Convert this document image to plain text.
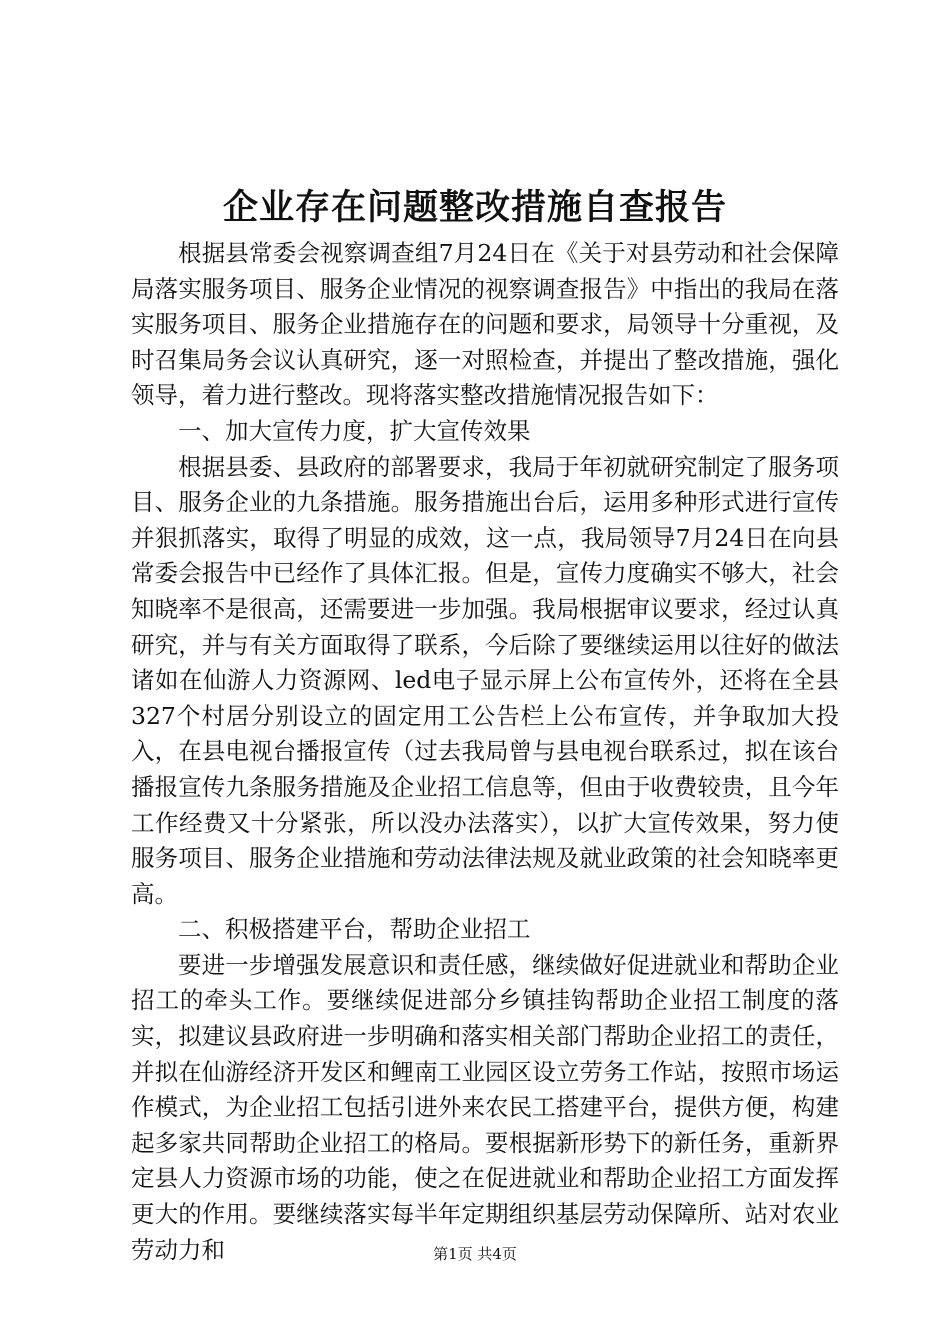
企业存在问题整改措施自查报告

根据县常委会视察调查组7月24日在《关于对县劳动和社会保障局落实服务项目、服务企业情况的视察调查报告》中指出的我局在落实服务项目、服务企业措施存在的问题和要求，局领导十分重视，及时召集局务会议认真研究，逐一对照检查，并提出了整改措施，强化领导，着力进行整改。现将落实整改措施情况报告如下：

一、加大宣传力度，扩大宣传效果

根据县委、县政府的部署要求，我局于年初就研究制定了服务项目、服务企业的九条措施。服务措施出台后，运用多种形式进行宣传并狠抓落实，取得了明显的成效，这一点，我局领导7月24日在向县常委会报告中已经作了具体汇报。但是，宣传力度确实不够大，社会知晓率不是很高，还需要进一步加强。我局根据审议要求，经过认真研究，并与有关方面取得了联系，今后除了要继续运用以往好的做法诸如在仙游人力资源网、led电子显示屏上公布宣传外，还将在全县327个村居分别设立的固定用工公告栏上公布宣传，并争取加大投入，在县电视台播报宣传（过去我局曾与县电视台联系过，拟在该台播报宣传九条服务措施及企业招工信息等，但由于收费较贵，且今年工作经费又十分紧张，所以没办法落实），以扩大宣传效果，努力使服务项目、服务企业措施和劳动法律法规及就业政策的社会知晓率更高。

二、积极搭建平台，帮助企业招工

要进一步增强发展意识和责任感，继续做好促进就业和帮助企业招工的牵头工作。要继续促进部分乡镇挂钩帮助企业招工制度的落实，拟建议县政府进一步明确和落实相关部门帮助企业招工的责任，并拟在仙游经济开发区和鲤南工业园区设立劳务工作站，按照市场运作模式，为企业招工包括引进外来农民工搭建平台，提供方便，构建起多家共同帮助企业招工的格局。要根据新形势下的新任务，重新界定县人力资源市场的功能，使之在促进就业和帮助企业招工方面发挥更大的作用。要继续落实每半年定期组织基层劳动保障所、站对农业劳动力和	第1页 共4页
